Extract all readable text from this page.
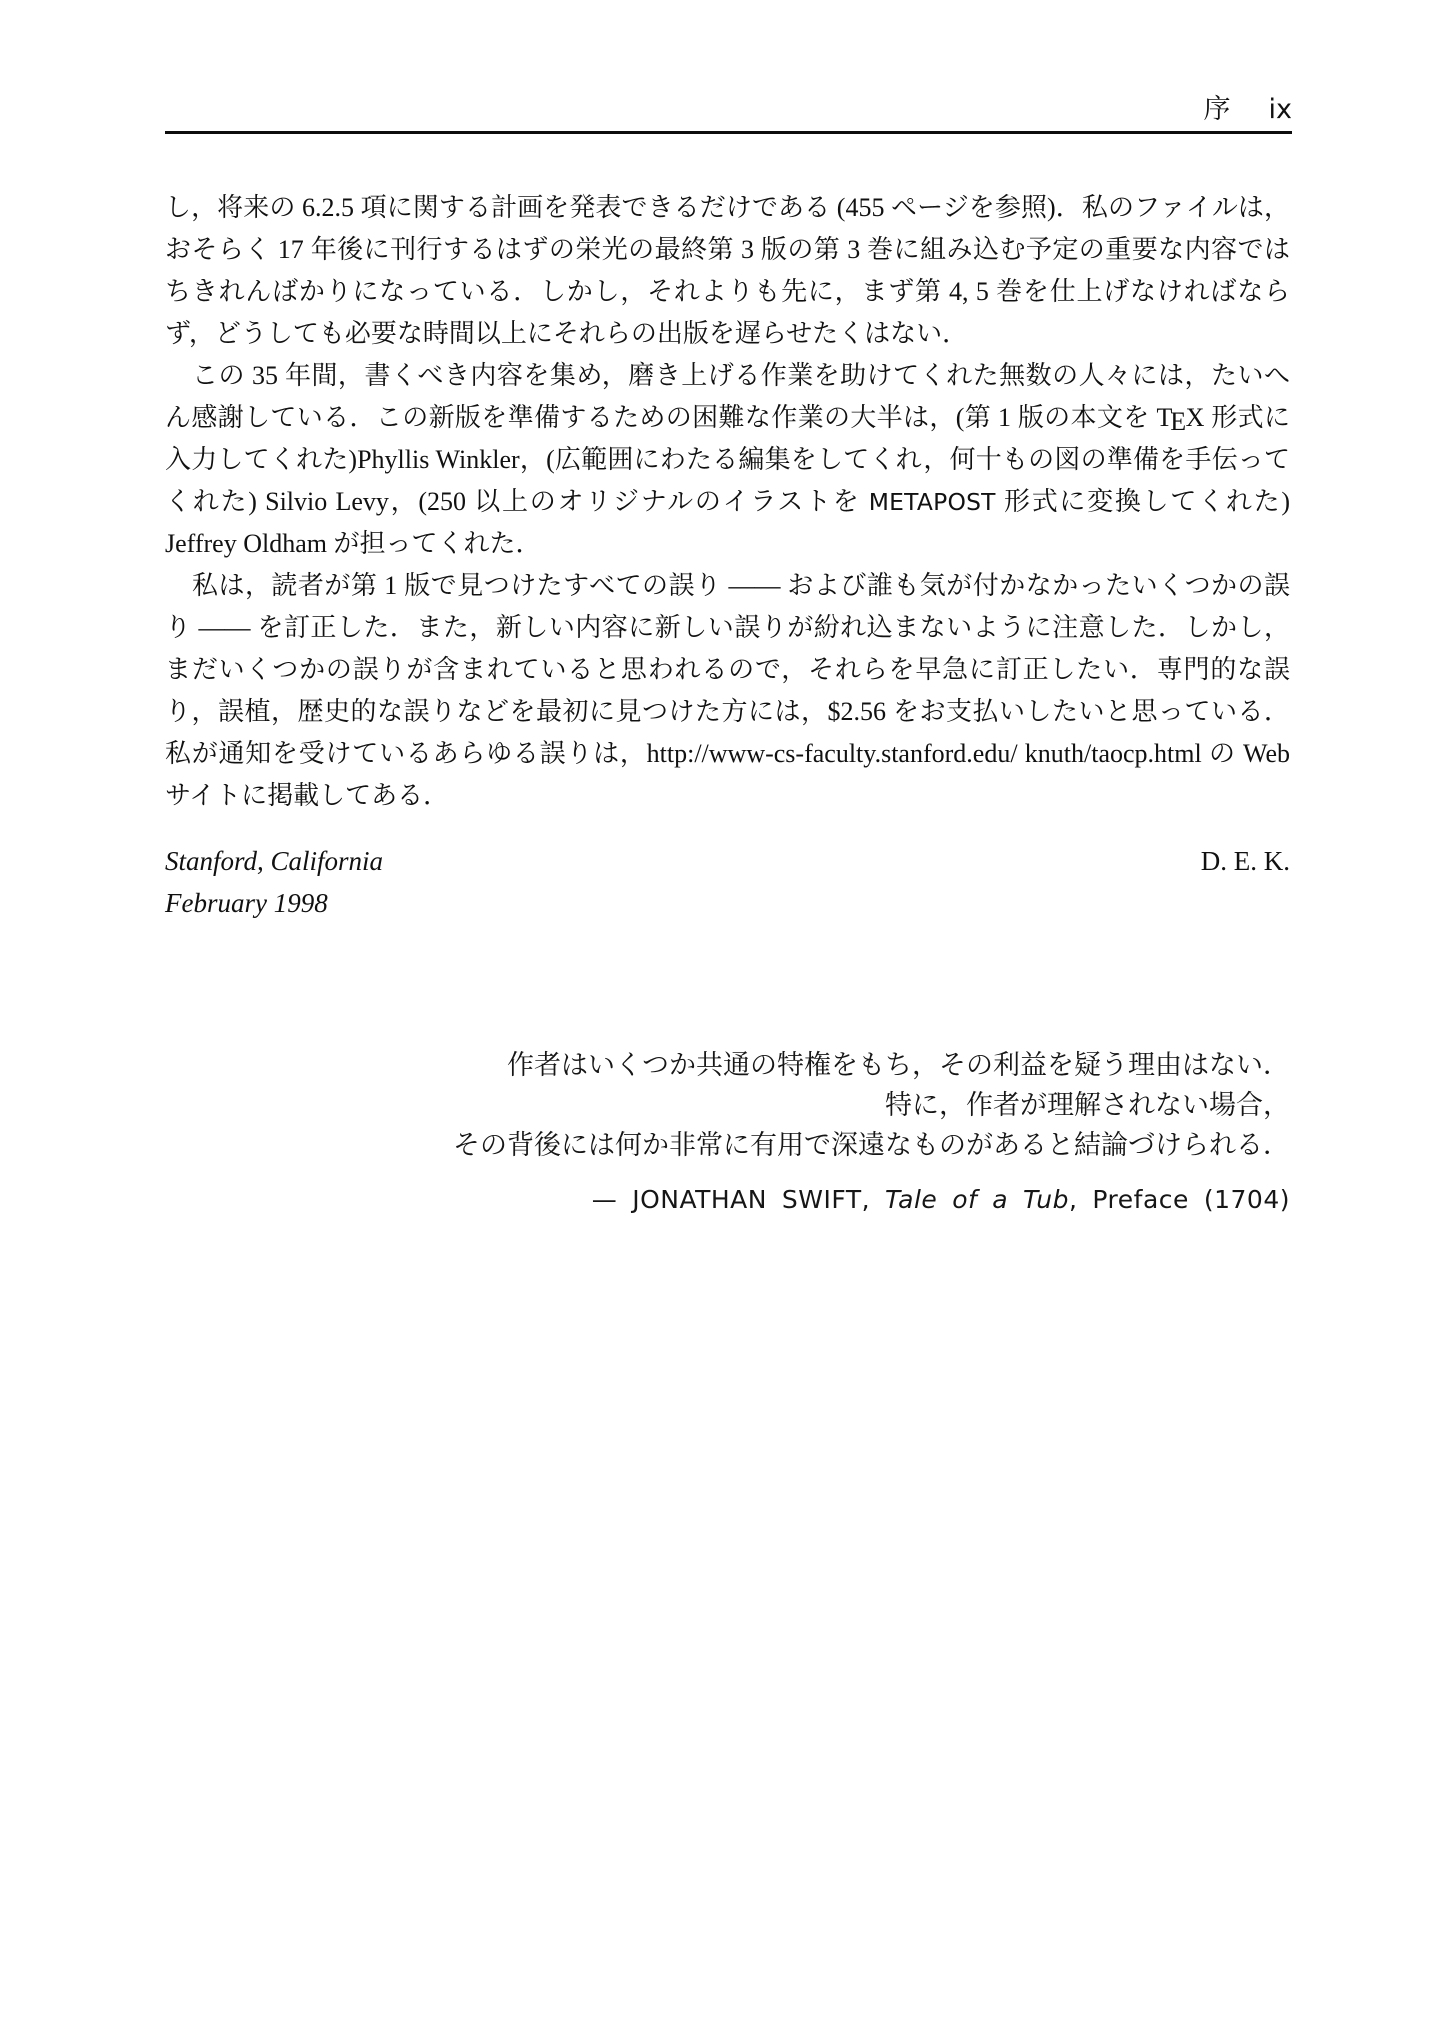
序 ix

し，将来の 6.2.5 項に関する計画を発表できるだけである (455 ページを参照)．私のファイルは，おそらく 17 年後に刊行するはずの栄光の最終第 3 版の第 3 巻に組み込む予定の重要な内容ではちきれんばかりになっている．しかし，それよりも先に，まず第 4, 5 巻を仕上げなければならず，どうしても必要な時間以上にそれらの出版を遅らせたくはない．

この 35 年間，書くべき内容を集め，磨き上げる作業を助けてくれた無数の人々には，たいへん感謝している．この新版を準備するための困難な作業の大半は，(第 1 版の本文を TEX 形式に入力してくれた)Phyllis Winkler，(広範囲にわたる編集をしてくれ，何十もの図の準備を手伝ってくれた) Silvio Levy，(250 以上のオリジナルのイラストを METAPOST 形式に変換してくれた) Jeffrey Oldham が担ってくれた．

私は，読者が第 1 版で見つけたすべての誤り —— および誰も気が付かなかったいくつかの誤り —— を訂正した．また，新しい内容に新しい誤りが紛れ込まないように注意した．しかし，まだいくつかの誤りが含まれていると思われるので，それらを早急に訂正したい．専門的な誤り，誤植，歴史的な誤りなどを最初に見つけた方には，$2.56 をお支払いしたいと思っている．私が通知を受けているあらゆる誤りは，http://www-cs-faculty.stanford.edu/ knuth/taocp.html の Web サイトに掲載してある．

Stanford, California
February 1998
D. E. K.
作者はいくつか共通の特権をもち，その利益を疑う理由はない．
特に，作者が理解されない場合，
その背後には何か非常に有用で深遠なものがあると結論づけられる．
— JONATHAN SWIFT, Tale of a Tub, Preface (1704)
